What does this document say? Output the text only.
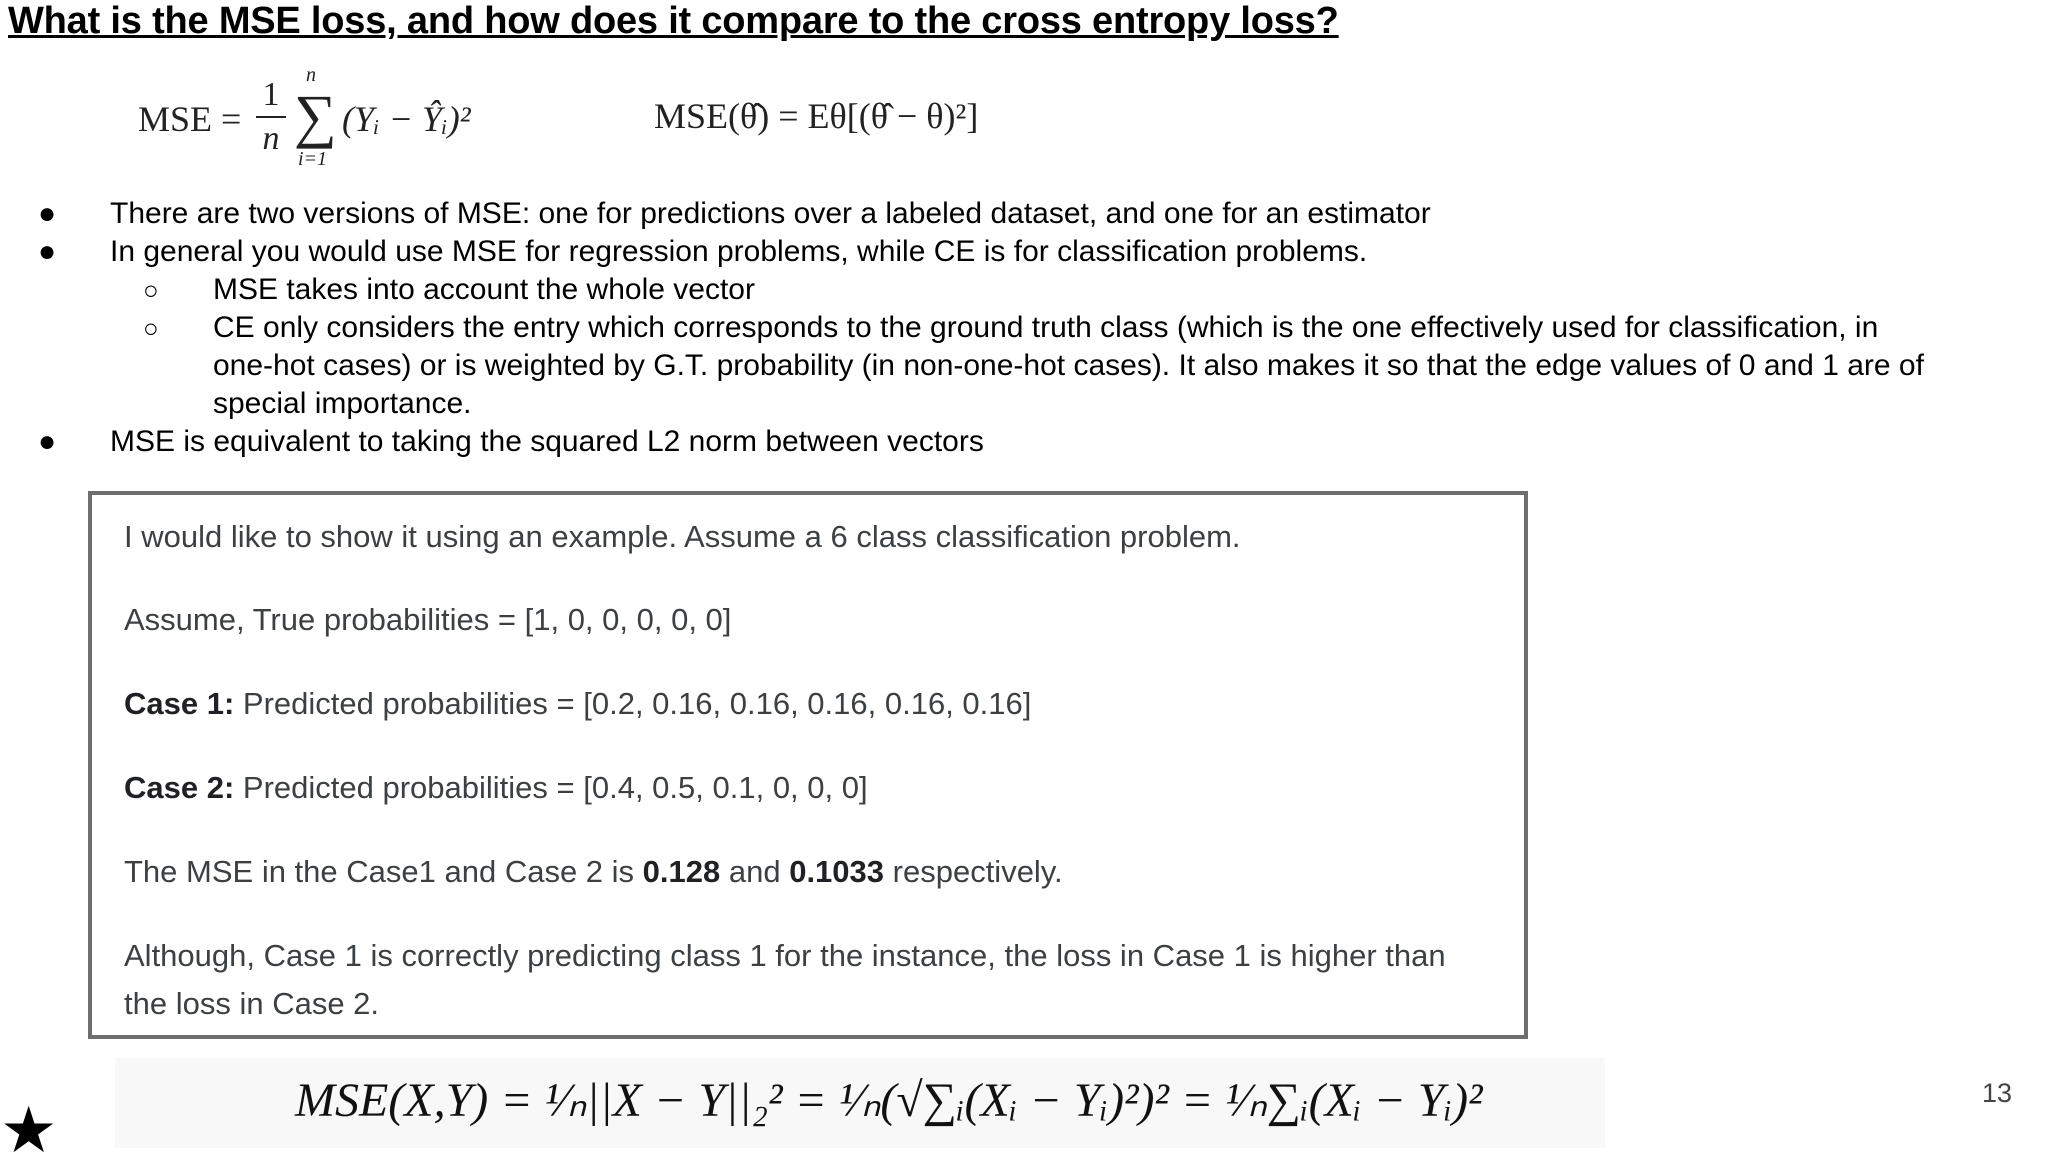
What is the MSE loss, and how does it compare to the cross entropy loss?
MSE =
1
n
n
∑
i=1
(Yᵢ − Ŷᵢ)²	MSE(θ̂) = Eθ[(θ̂ − θ)²]
● There are two versions of MSE: one for predictions over a labeled dataset, and one for an estimator
● In general you would use MSE for regression problems, while CE is for classification problems.
○ MSE takes into account the whole vector
○ CE only considers the entry which corresponds to the ground truth class (which is the one effectively used for classification, in one-hot cases) or is weighted by G.T. probability (in non-one-hot cases). It also makes it so that the edge values of 0 and 1 are of special importance.
● MSE is equivalent to taking the squared L2 norm between vectors

I would like to show it using an example. Assume a 6 class classification problem.

Assume, True probabilities = [1, 0, 0, 0, 0, 0]

Case 1: Predicted probabilities = [0.2, 0.16, 0.16, 0.16, 0.16, 0.16]

Case 2: Predicted probabilities = [0.4, 0.5, 0.1, 0, 0, 0]

The MSE in the Case1 and Case 2 is 0.128 and 0.1033 respectively.

Although, Case 1 is correctly predicting class 1 for the instance, the loss in Case 1 is higher than

the loss in Case 2.

MSE(X,Y) = ¹⁄ₙ||X − Y||₂² = ¹⁄ₙ(√∑ᵢ(Xᵢ − Yᵢ)²)² = ¹⁄ₙ∑ᵢ(Xᵢ − Yᵢ)²	13
★
